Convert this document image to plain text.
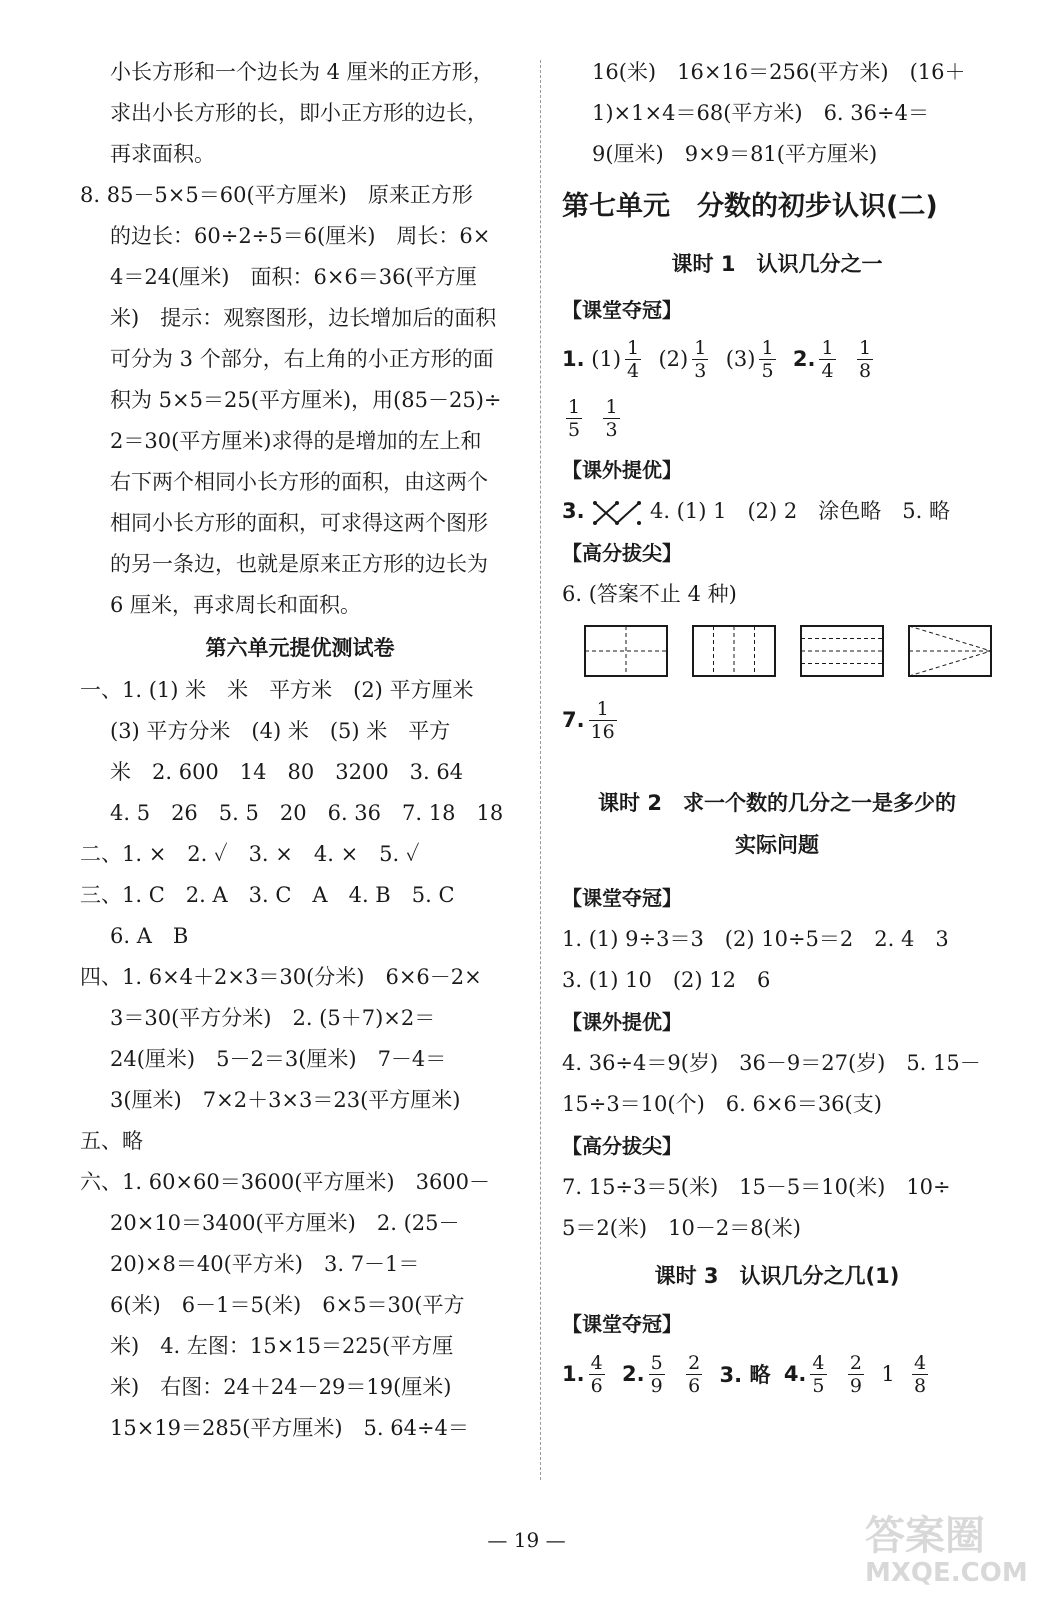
小长方形和一个边长为 4 厘米的正方形，
求出小长方形的长，即小正方形的边长，
再求面积。
8. 85－5×5＝60(平方厘米)　原来正方形
的边长：60÷2÷5＝6(厘米)　周长：6×
4＝24(厘米)　面积：6×6＝36(平方厘
米)　提示：观察图形，边长增加后的面积
可分为 3 个部分，右上角的小正方形的面
积为 5×5＝25(平方厘米)，用(85－25)÷
2＝30(平方厘米)求得的是增加的左上和
右下两个相同小长方形的面积，由这两个
相同小长方形的面积，可求得这两个图形
的另一条边，也就是原来正方形的边长为
6 厘米，再求周长和面积。
第六单元提优测试卷
一、1. (1) 米　米　平方米　(2) 平方厘米
(3) 平方分米　(4) 米　(5) 米　平方
米　2. 600　14　80　3200　3. 64
4. 5　26　5. 5　20　6. 36　7. 18　18
二、1. ×　2. ✓　3. ×　4. ×　5. ✓
三、1. C　2. A　3. C　A　4. B　5. C
6. A　B
四、1. 6×4＋2×3＝30(分米)　6×6－2×
3＝30(平方分米)　2. (5＋7)×2＝
24(厘米)　5－2＝3(厘米)　7－4＝
3(厘米)　7×2＋3×3＝23(平方厘米)
五、略
六、1. 60×60＝3600(平方厘米)　3600－
20×10＝3400(平方厘米)　2. (25－
20)×8＝40(平方米)　3. 7－1＝
6(米)　6－1＝5(米)　6×5＝30(平方
米)　4. 左图：15×15＝225(平方厘
米)　右图：24＋24－29＝19(厘米)
15×19＝285(平方厘米)　5. 64÷4＝
16(米)　16×16＝256(平方米)　(16＋
1)×1×4＝68(平方米)　6. 36÷4＝
9(厘米)　9×9＝81(平方厘米)
第七单元　分数的初步认识(二)
课时 1　认识几分之一
【课堂夺冠】
1.
$(1) \frac{1}{4}$
$(2) \frac{1}{3}$
$(3) \frac{1}{5}$
2. $\frac{1}{4}$
$\frac{1}{8}$
$\frac{1}{5}$
$\frac{1}{3}$
【课外提优】
3.	4. (1) 1　(2) 2　涂色略　5. 略
【高分拔尖】
6. (答案不止 4 种)
7. $\frac{1}{16}$
课时 2　求一个数的几分之一是多少的
实际问题
【课堂夺冠】
1. (1) 9÷3＝3　(2) 10÷5＝2　2. 4　3
3. (1) 10　(2) 12　6
【课外提优】
4. 36÷4＝9(岁)　36－9＝27(岁)　5. 15－
15÷3＝10(个)　6. 6×6＝36(支)
【高分拔尖】
7. 15÷3＝5(米)　15－5＝10(米)　10÷
5＝2(米)　10－2＝8(米)
课时 3　认识几分之几(1)
【课堂夺冠】
1. $\frac{4}{6}$
2. $\frac{5}{9}$
$\frac{2}{6}$
3. 略
4. $\frac{4}{5}$
$\frac{2}{9}$
1
$\frac{4}{8}$
— 19 —	答案圈
MXQE.COM
